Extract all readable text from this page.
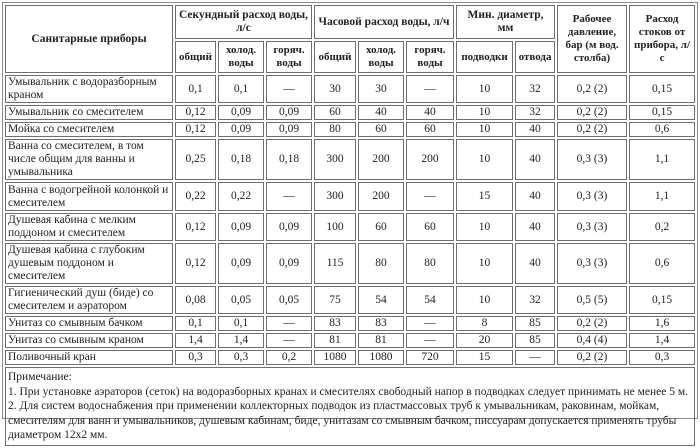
Санитарные приборы	Секундный расход воды, л/с			Часовой расход воды, л/ч			Мин. диаметр, мм		Рабочее давление, бар (м вод. столба)	Расход стоков от прибора, л/с
	общий	холод. воды	горяч. воды	общий	холод. воды	горяч. воды	подводки	отвода		
Умывальник с водоразборным краном	0,1	0,1	—	30	30	—	10	32	0,2 (2)	0,15
Умывальник со смесителем	0,12	0,09	0,09	60	40	40	10	32	0,2 (2)	0,15
Мойка со смесителем	0,12	0,09	0,09	80	60	60	10	40	0,2 (2)	0,6
Ванна со смесителем, в том числе общим для ванны и умывальника	0,25	0,18	0,18	300	200	200	10	40	0,3 (3)	1,1
Ванна с водогрейной колонкой и смесителем	0,22	0,22	—	300	200	—	15	40	0,3 (3)	1,1
Душевая кабина с мелким поддоном и смесителем	0,12	0,09	0,09	100	60	60	10	40	0,3 (3)	0,2
Душевая кабина с глубоким душевым поддоном и смесителем	0,12	0,09	0,09	115	80	80	10	40	0,3 (3)	0,6
Гигиенический душ (биде) со смесителем и аэратором	0,08	0,05	0,05	75	54	54	10	32	0,5 (5)	0,15
Унитаз со смывным бачком	0,1	0,1	—	83	83	—	8	85	0,2 (2)	1,6
Унитаз со смывным краном	1,4	1,4	—	81	81	—	20	85	0,4 (4)	1,4
Поливочный кран	0,3	0,3	0,2	1080	1080	720	15	—	0,2 (2)	0,3

Примечание:
1. При установке аэраторов (сеток) на водоразборных кранах и смесителях свободный напор в подводках следует принимать не менее 5 м.
2. Для систем водоснабжения при применении коллекторных подводок из пластмассовых труб к умывальникам, раковинам, мойкам, смесителям для ванн и умывальников, душевым кабинам, биде, унитазам со смывным бачком, писсуарам допускается применять трубы диаметром 12x2 мм.										
